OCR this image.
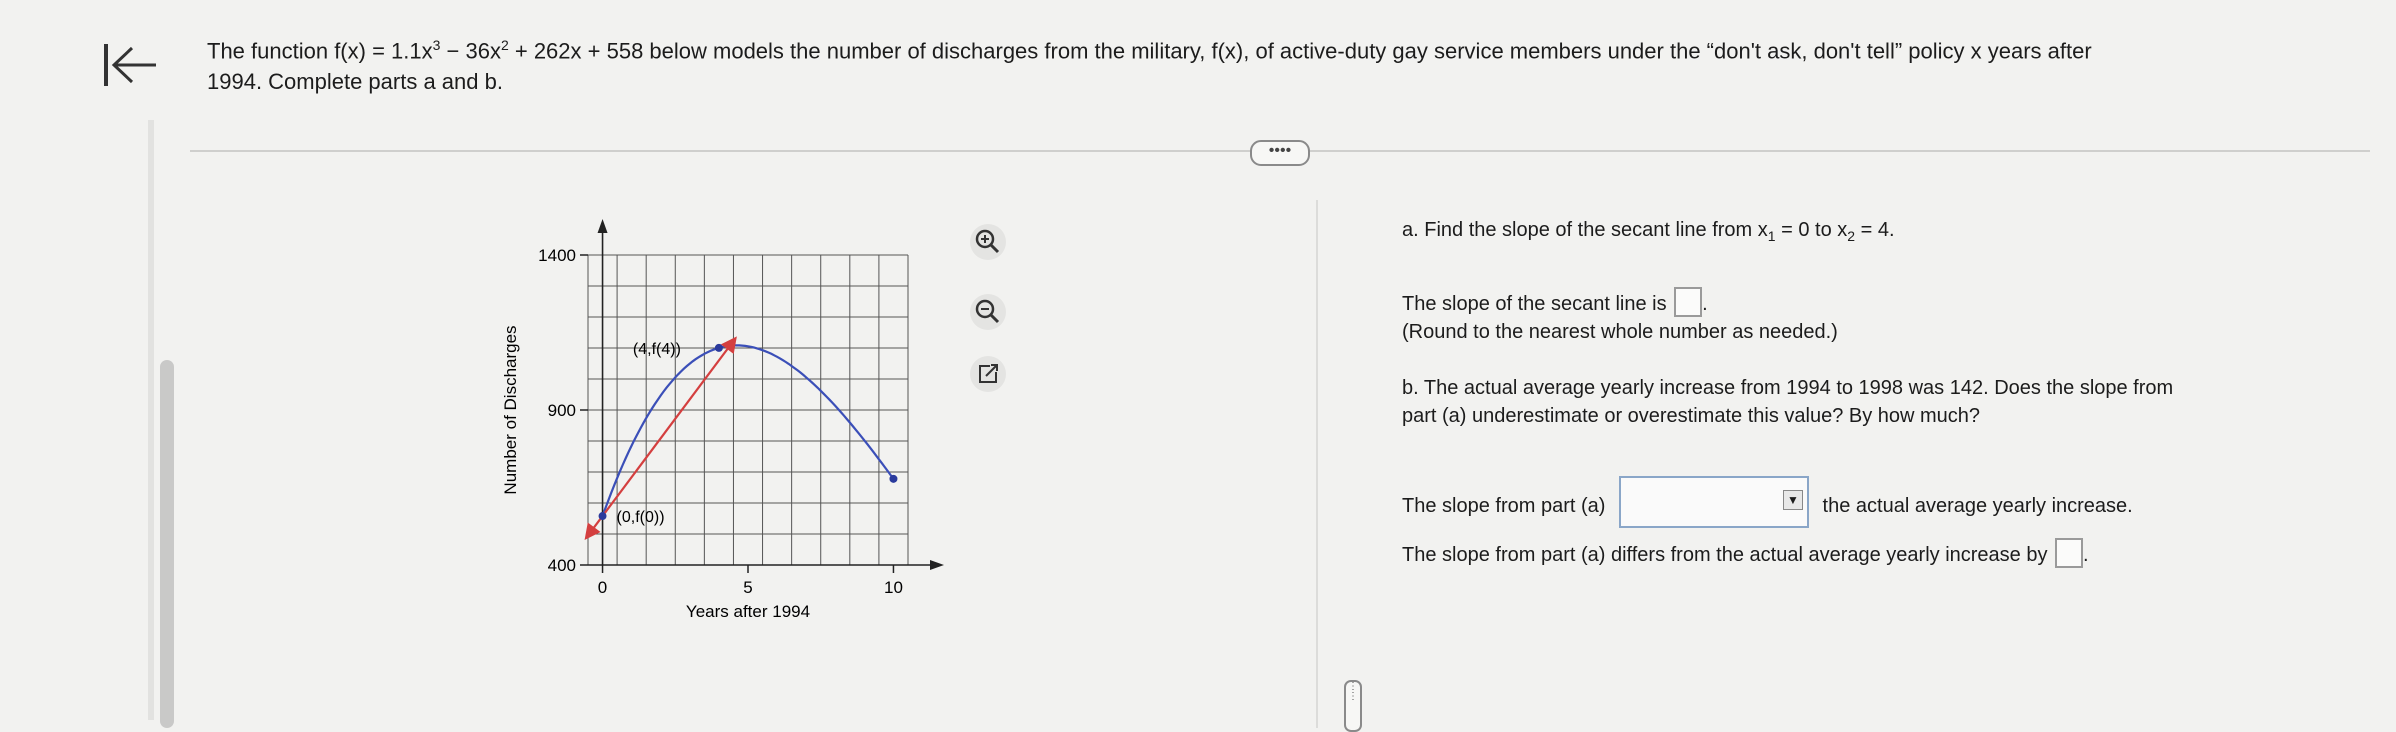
The function $f(x) = 1.1x^3 - 36x^2 + 262x + 558$ below models the number of discharges from the military, f(x), of active-duty gay service members under the “don't ask, don't tell” policy x years after
1994. Complete parts a and b.
••••
⋮
⋮
(4,f(4))
(0,f(0))
1400
900
400
0	5	10
Years after 1994
Number of Discharges
a. Find the slope of the secant line from $x_1 = 0$ to $x_2 = 4$.
The slope of the secant line is .
(Round to the nearest whole number as needed.)
b. The actual average yearly increase from 1994 to 1998 was 142. Does the slope from
part (a) underestimate or overestimate this value? By how much?
The slope from part (a)	▼ the actual average yearly increase.
The slope from part (a) differs from the actual average yearly increase by .
